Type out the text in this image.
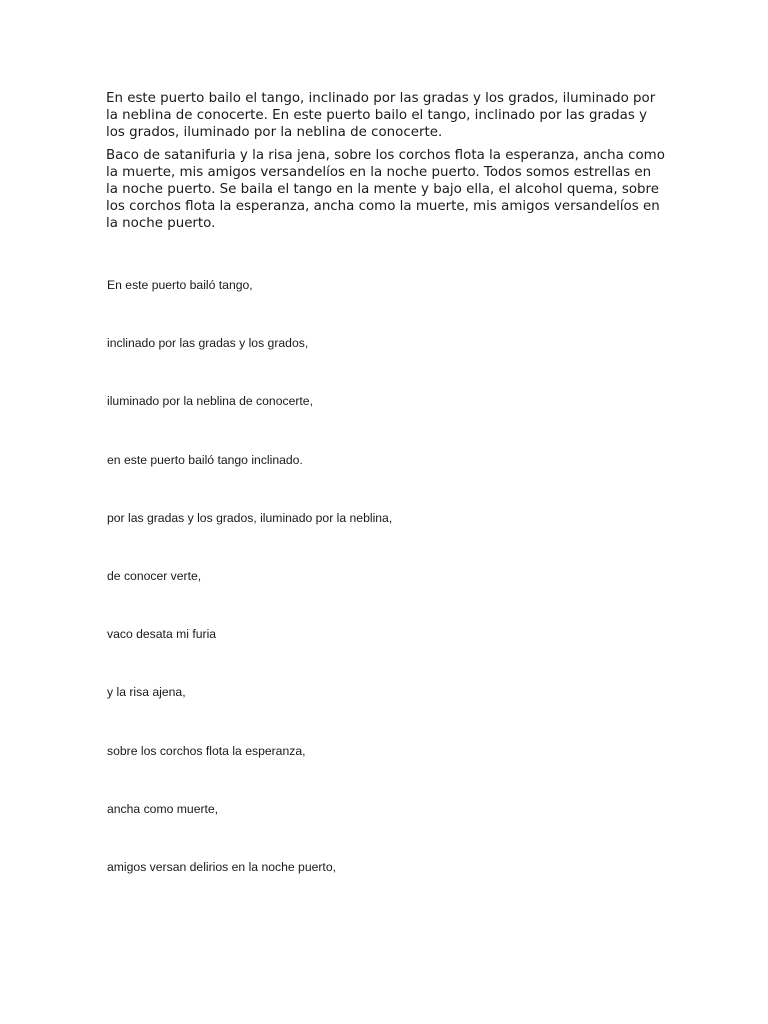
En este puerto bailo el tango, inclinado por las gradas y los grados, iluminado por la neblina de conocerte. En este puerto bailo el tango, inclinado por las gradas y los grados, iluminado por la neblina de conocerte.

Baco de satanifuria y la risa jena, sobre los corchos flota la esperanza, ancha como la muerte, mis amigos versandelíos en la noche puerto. Todos somos estrellas en la noche puerto. Se baila el tango en la mente y bajo ella, el alcohol quema, sobre los corchos flota la esperanza, ancha como la muerte, mis amigos versandelíos en la noche puerto.

En este puerto bailó tango,
inclinado por las gradas y los grados,
iluminado por la neblina de conocerte,
en este puerto bailó tango inclinado.
por las gradas y los grados, iluminado por la neblina,
de conocer verte,
vaco desata mi furia
y la risa ajena,
sobre los corchos flota la esperanza,
ancha como muerte,
amigos versan delirios en la noche puerto,
